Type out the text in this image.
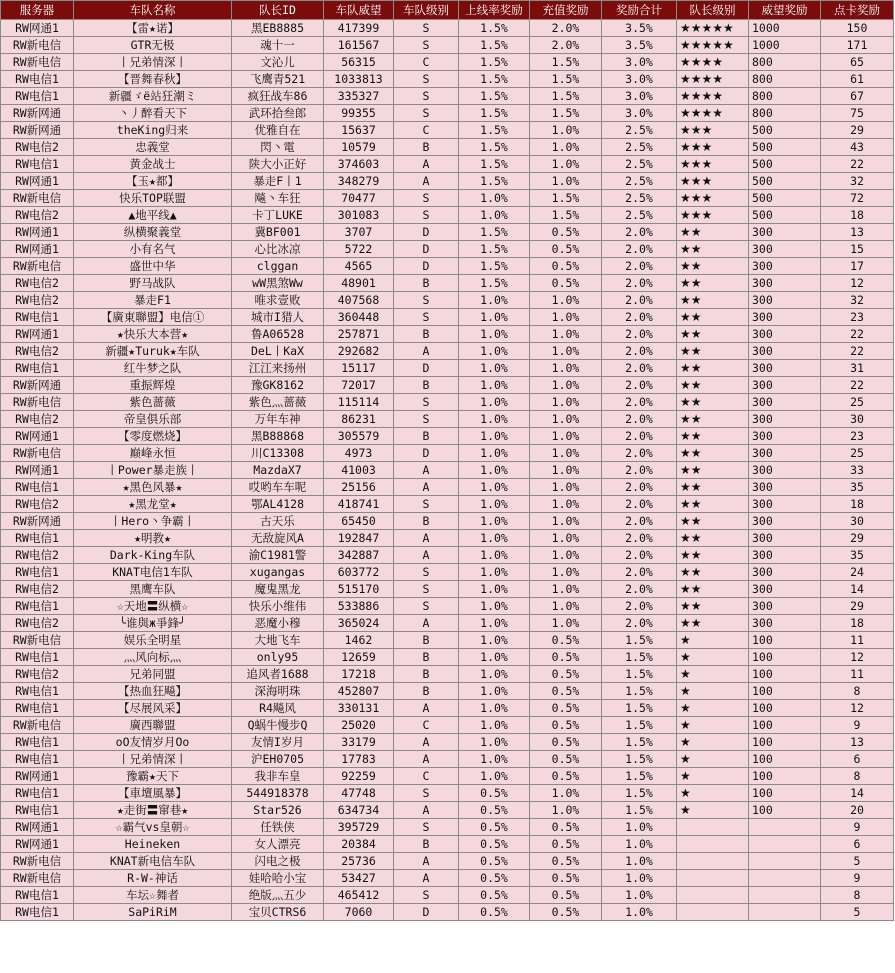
服务器	车队名称	队长ID	车队威望	车队级别	上线率奖励	充值奖励	奖励合计	队长级别	威望奖励	点卡奖励
RW网通1	【雷★诺】	黑EB8885	417399	S	1.5%	2.0%	3.5%	★★★★★	1000	150
RW新电信	GTR无极	魂十一	161567	S	1.5%	2.0%	3.5%	★★★★★	1000	171
RW新电信	丨兄弟情深丨	文沁儿	56315	C	1.5%	1.5%	3.0%	★★★★	800	65
RW电信1	【晋舞春秋】	飞鹰青521	1033813	S	1.5%	1.5%	3.0%	★★★★	800	61
RW电信1	新疆ゞё站狂潮ミ	疯狂战车86	335327	S	1.5%	1.5%	3.0%	★★★★	800	67
RW新网通	丶丿醉看天下	武环拾叁郎	99355	S	1.5%	1.5%	3.0%	★★★★	800	75
RW新网通	theKing归来	优雅自在	15637	C	1.5%	1.0%	2.5%	★★★	500	29
RW电信2	忠義堂	閃丶電	10579	B	1.5%	1.0%	2.5%	★★★	500	43
RW电信1	黄金战士	陕大小正好	374603	A	1.5%	1.0%	2.5%	★★★	500	22
RW网通1	【玉★都】	暴走F丨1	348279	A	1.5%	1.0%	2.5%	★★★	500	32
RW新电信	快乐TOP联盟	飚丶车狂	70477	S	1.0%	1.5%	2.5%	★★★	500	72
RW电信2	▲地平线▲	卡丁LUKE	301083	S	1.0%	1.5%	2.5%	★★★	500	18
RW网通1	纵横聚義堂	冀BF001	3707	D	1.5%	0.5%	2.0%	★★	300	13
RW网通1	小有名气	心比冰凉	5722	D	1.5%	0.5%	2.0%	★★	300	15
RW新电信	盛世中华	clggan	4565	D	1.5%	0.5%	2.0%	★★	300	17
RW电信2	野马战队	wW黑煞Ww	48901	B	1.5%	0.5%	2.0%	★★	300	12
RW电信2	暴走F1	唯求壹败	407568	S	1.0%	1.0%	2.0%	★★	300	32
RW电信1	【廣東聯盟】电信①	城市I猎人	360448	S	1.0%	1.0%	2.0%	★★	300	23
RW网通1	★快乐大本营★	鲁A06528	257871	B	1.0%	1.0%	2.0%	★★	300	22
RW电信2	新疆★Turuk★车队	DeL丨KaX	292682	A	1.0%	1.0%	2.0%	★★	300	22
RW电信1	红牛梦之队	江江来扬州	15117	D	1.0%	1.0%	2.0%	★★	300	31
RW新网通	重振辉煌	豫GK8162	72017	B	1.0%	1.0%	2.0%	★★	300	22
RW新电信	紫色蔷薇	紫色灬蔷薇	115114	S	1.0%	1.0%	2.0%	★★	300	25
RW电信2	帝皇俱乐部	万年车神	86231	S	1.0%	1.0%	2.0%	★★	300	30
RW网通1	【零度燃烧】	黑B88868	305579	B	1.0%	1.0%	2.0%	★★	300	23
RW新电信	巅峰永恒	川C13308	4973	D	1.0%	1.0%	2.0%	★★	300	25
RW网通1	丨Power暴走族丨	MazdaX7	41003	A	1.0%	1.0%	2.0%	★★	300	33
RW电信1	★黑色风暴★	哎哟车车呢	25156	A	1.0%	1.0%	2.0%	★★	300	35
RW电信2	★黑龙堂★	鄂AL4128	418741	S	1.0%	1.0%	2.0%	★★	300	18
RW新网通	丨Hero丶争霸丨	古天乐	65450	B	1.0%	1.0%	2.0%	★★	300	30
RW电信1	★明教★	无敌旋风A	192847	A	1.0%	1.0%	2.0%	★★	300	29
RW电信2	Dark-King车队	渝C1981警	342887	A	1.0%	1.0%	2.0%	★★	300	35
RW电信1	KNAT电信1车队	xugangas	603772	S	1.0%	1.0%	2.0%	★★	300	24
RW电信2	黑鹰车队	魔鬼黑龙	515170	S	1.0%	1.0%	2.0%	★★	300	14
RW电信1	☆天地〓纵横☆	快乐小维伟	533886	S	1.0%	1.0%	2.0%	★★	300	29
RW电信2	╰谁與ж爭鋒╯	恶魔小穆	365024	A	1.0%	1.0%	2.0%	★★	300	18
RW新电信	娱乐全明星	大地飞车	1462	B	1.0%	0.5%	1.5%	★	100	11
RW电信1	灬风向标灬	only95	12659	B	1.0%	0.5%	1.5%	★	100	12
RW电信2	兄弟同盟	追风者1688	17218	B	1.0%	0.5%	1.5%	★	100	11
RW电信1	【热血狂飚】	深海明珠	452807	B	1.0%	0.5%	1.5%	★	100	8
RW电信1	【尽展风采】	R4飚风	330131	A	1.0%	0.5%	1.5%	★	100	12
RW新电信	廣西聯盟	Q蜗牛慢步Q	25020	C	1.0%	0.5%	1.5%	★	100	9
RW电信1	oO友情岁月Oo	友情I岁月	33179	A	1.0%	0.5%	1.5%	★	100	13
RW电信1	丨兄弟情深丨	沪EH0705	17783	A	1.0%	0.5%	1.5%	★	100	6
RW网通1	豫霸★天下	我非车皇	92259	C	1.0%	0.5%	1.5%	★	100	8
RW电信1	【車壇風暴】	544918378	47748	S	0.5%	1.0%	1.5%	★	100	14
RW电信1	★走街〓窜巷★	Star526	634734	A	0.5%	1.0%	1.5%	★	100	20
RW网通1	☆霸气vs皇朝☆	任铁侠	395729	S	0.5%	0.5%	1.0%			9
RW网通1	Heineken	女人漂亮	20384	B	0.5%	0.5%	1.0%			6
RW新电信	KNAT新电信车队	闪电之极	25736	A	0.5%	0.5%	1.0%			5
RW新电信	R-W-神话	娃哈哈小宝	53427	A	0.5%	0.5%	1.0%			9
RW电信1	车坛☆舞者	绝版灬五少	465412	S	0.5%	0.5%	1.0%			8
RW电信1	SaPiRiM	宝贝CTRS6	7060	D	0.5%	0.5%	1.0%			5
